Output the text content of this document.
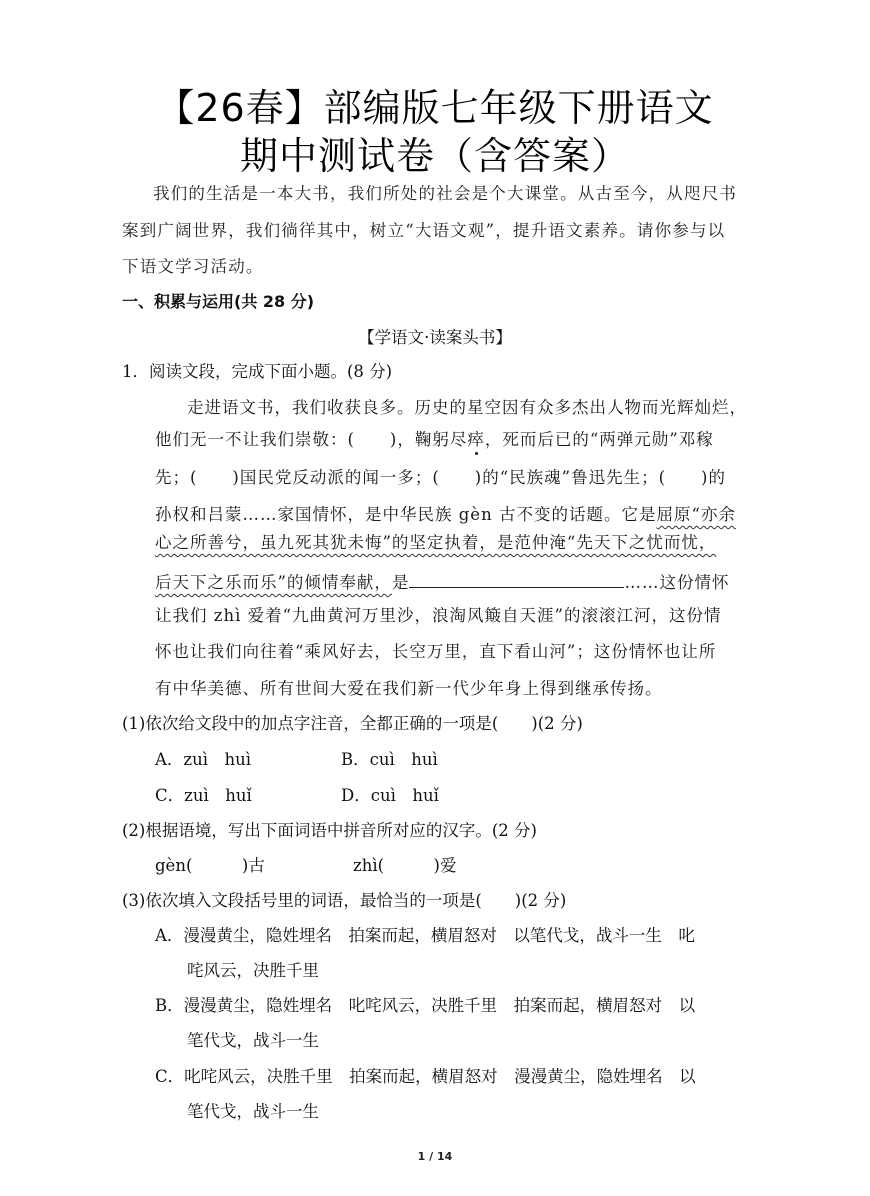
【26春】部编版七年级下册语文
期中测试卷（含答案）
我们的生活是一本大书，我们所处的社会是个大课堂。从古至今，从咫尺书
案到广阔世界，我们徜徉其中，树立“大语文观”，提升语文素养。请你参与以
下语文学习活动。
一、积累与运用(共 28 分)
【学语文·读案头书】
1．阅读文段，完成下面小题。(8 分)
走进语文书，我们收获良多。历史的星空因有众多杰出人物而光辉灿烂，
他们无一不让我们崇敬：(　　)，鞠躬尽瘁，死而后已的“两弹元勋”邓稼
先；(　　)国民党反动派的闻一多；(　　)的“民族魂”鲁迅先生；(　　)的
孙权和吕蒙……家国情怀，是中华民族 gèn 古不变的话题。它是屈原“亦余
心之所善兮，虽九死其犹未悔”的坚定执着，是范仲淹“先天下之忧而忧，
后天下之乐而乐”的倾情奉献，是	……这份情怀
让我们 zhì 爱着“九曲黄河万里沙，浪淘风簸自天涯”的滚滚江河，这份情
怀也让我们向往着“乘风好去，长空万里，直下看山河”；这份情怀也让所
有中华美德、所有世间大爱在我们新一代少年身上得到继承传扬。
(1)依次给文段中的加点字注音，全都正确的一项是(　　)(2 分)
A．zuì　huì	B．cuì　huì
C．zuì　huǐ	D．cuì　huǐ
(2)根据语境，写出下面词语中拼音所对应的汉字。(2 分)
gèn(　　　)古	zhì(　　　)爱
(3)依次填入文段括号里的词语，最恰当的一项是(　　)(2 分)
A．漫漫黄尘，隐姓埋名　拍案而起，横眉怒对　以笔代戈，战斗一生　叱
咤风云，决胜千里
B．漫漫黄尘，隐姓埋名　叱咤风云，决胜千里　拍案而起，横眉怒对　以
笔代戈，战斗一生
C．叱咤风云，决胜千里　拍案而起，横眉怒对　漫漫黄尘，隐姓埋名　以
笔代戈，战斗一生
1 / 14
